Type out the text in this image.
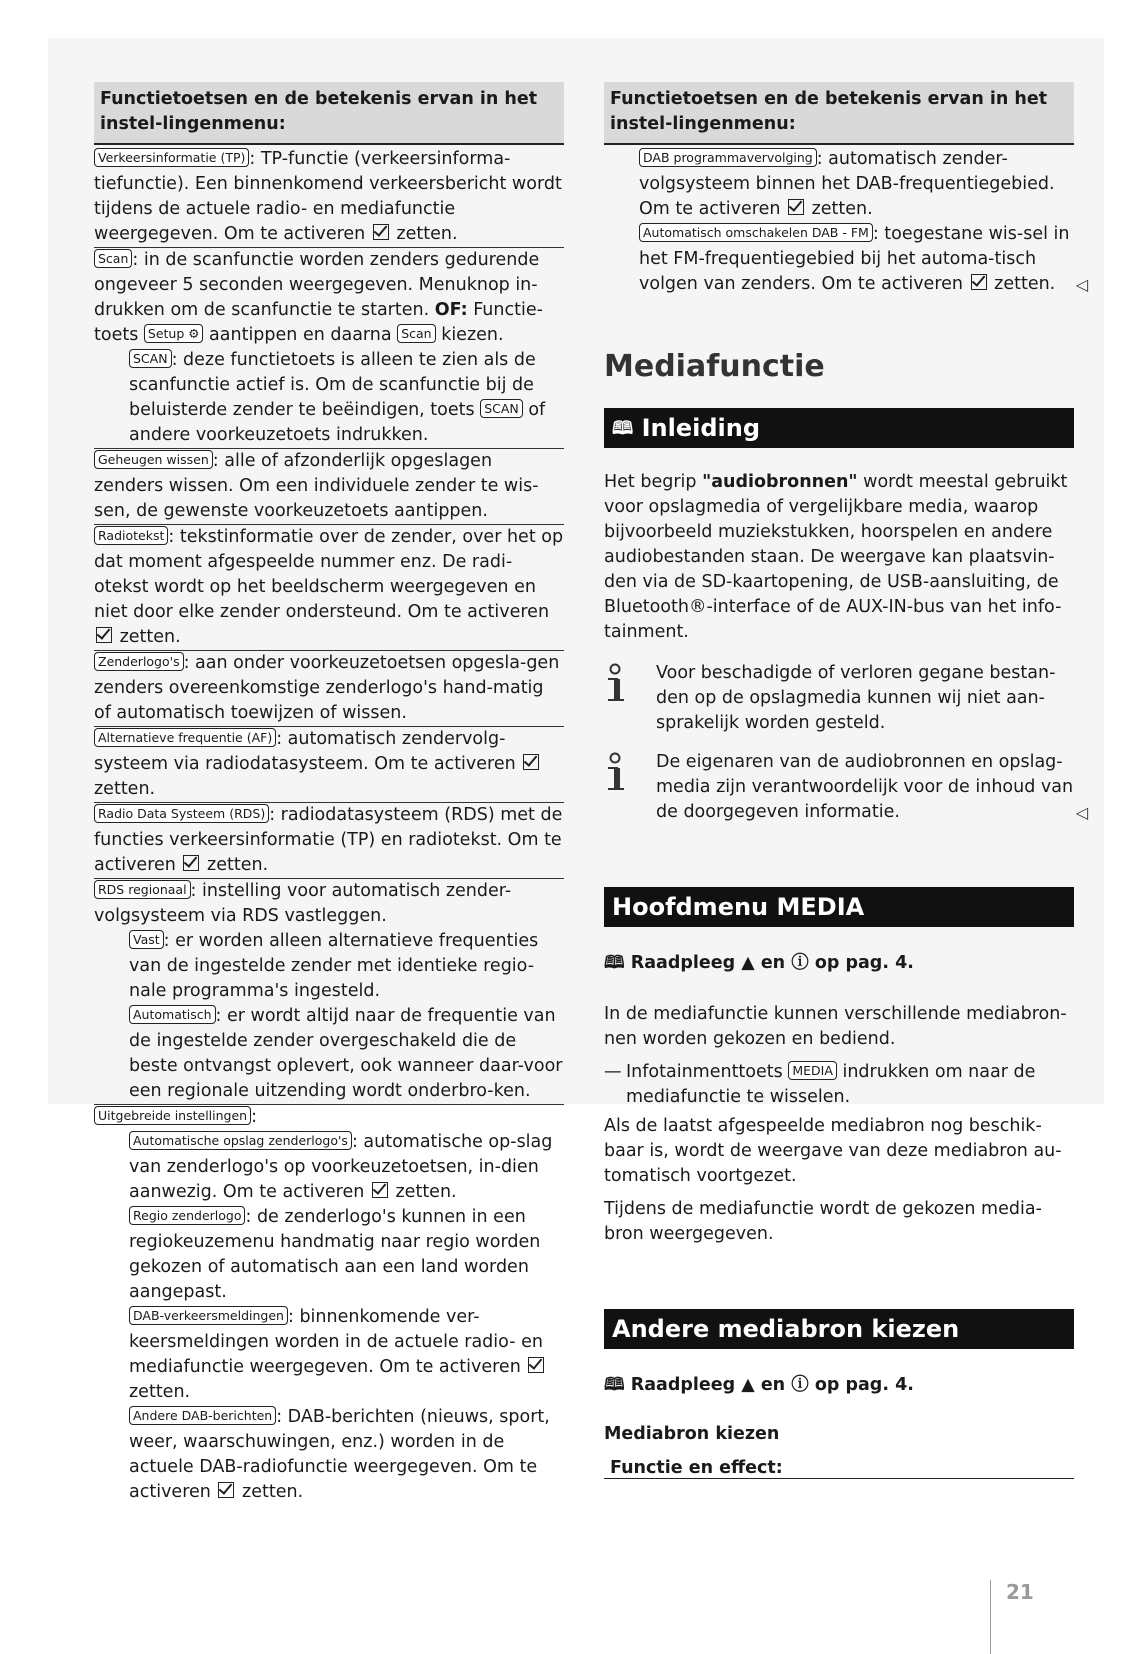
Functietoetsen en de betekenis ervan in het instel-lingenmenu:
Verkeersinformatie (TP) : TP-functie (verkeersinforma-tiefunctie). Een binnenkomend verkeersbericht wordt tijdens de actuele radio- en mediafunctie weergegeven. Om te activeren zetten.
Scan : in de scanfunctie worden zenders gedurende ongeveer 5 seconden weergegeven. Menuknop in-drukken om de scanfunctie te starten. OF: Functie-toets Setup ⚙ aantippen en daarna Scan kiezen.
SCAN : deze functietoets is alleen te zien als de scanfunctie actief is. Om de scanfunctie bij de beluisterde zender te beëindigen, toets SCAN of andere voorkeuzetoets indrukken.
Geheugen wissen : alle of afzonderlijk opgeslagen zenders wissen. Om een individuele zender te wis-sen, de gewenste voorkeuzetoets aantippen.
Radiotekst : tekstinformatie over de zender, over het op dat moment afgespeelde nummer enz. De radi-otekst wordt op het beeldscherm weergegeven en niet door elke zender ondersteund. Om te activeren  zetten.
Zenderlogo's : aan onder voorkeuzetoetsen opgesla-gen zenders overeenkomstige zenderlogo's hand-matig of automatisch toewijzen of wissen.
Alternatieve frequentie (AF) : automatisch zendervolg-systeem via radiodatasysteem. Om te activeren  zetten.
Radio Data Systeem (RDS) : radiodatasysteem (RDS) met de functies verkeersinformatie (TP) en radiotekst. Om te activeren zetten.
RDS regionaal : instelling voor automatisch zender-volgsysteem via RDS vastleggen.
Vast : er worden alleen alternatieve frequenties van de ingestelde zender met identieke regio-nale programma's ingesteld.
Automatisch : er wordt altijd naar de frequentie van de ingestelde zender overgeschakeld die de beste ontvangst oplevert, ook wanneer daar-voor een regionale uitzending wordt onderbro-ken.
Uitgebreide instellingen :
Automatische opslag zenderlogo's : automatische op-slag van zenderlogo's op voorkeuzetoetsen, in-dien aanwezig. Om te activeren zetten.
Regio zenderlogo : de zenderlogo's kunnen in een regiokeuzemenu handmatig naar regio worden gekozen of automatisch aan een land worden aangepast.
DAB-verkeersmeldingen : binnenkomende ver-keersmeldingen worden in de actuele radio- en mediafunctie weergegeven. Om te activeren  zetten.
Andere DAB-berichten : DAB-berichten (nieuws, sport, weer, waarschuwingen, enz.) worden in de actuele DAB-radiofunctie weergegeven. Om te activeren zetten.
Functietoetsen en de betekenis ervan in het instel-lingenmenu:
DAB programmavervolging : automatisch zender-volgsysteem binnen het DAB-frequentiegebied. Om te activeren zetten.
Automatisch omschakelen DAB - FM : toegestane wis-sel in het FM-frequentiegebied bij het automa-tisch volgen van zenders. Om te activeren zetten. ◁
Mediafunctie
🕮 Inleiding

Het begrip "audiobronnen" wordt meestal gebruikt voor opslagmedia of vergelijkbare media, waarop bijvoorbeeld muziekstukken, hoorspelen en andere audiobestanden staan. De weergave kan plaatsvin-den via de SD-kaartopening, de USB-aansluiting, de Bluetooth®-interface of de AUX-IN-bus van het info-tainment.

Voor beschadigde of verloren gegane bestan-den op de opslagmedia kunnen wij niet aan-sprakelijk worden gesteld.
De eigenaren van de audiobronnen en opslag-media zijn verantwoordelijk voor de inhoud van de doorgegeven informatie.	◁
Hoofdmenu MEDIA
🕮 Raadpleeg ▲ en ⓘ op pag. 4.

In de mediafunctie kunnen verschillende mediabron-nen worden gekozen en bediend.

— Infotainmenttoets MEDIA indrukken om naar de mediafunctie te wisselen.

Als de laatst afgespeelde mediabron nog beschik-baar is, wordt de weergave van deze mediabron au-tomatisch voortgezet.

Tijdens de mediafunctie wordt de gekozen media-bron weergegeven.

Andere mediabron kiezen
🕮 Raadpleeg ▲ en ⓘ op pag. 4.
Mediabron kiezen
Functie en effect:
21
